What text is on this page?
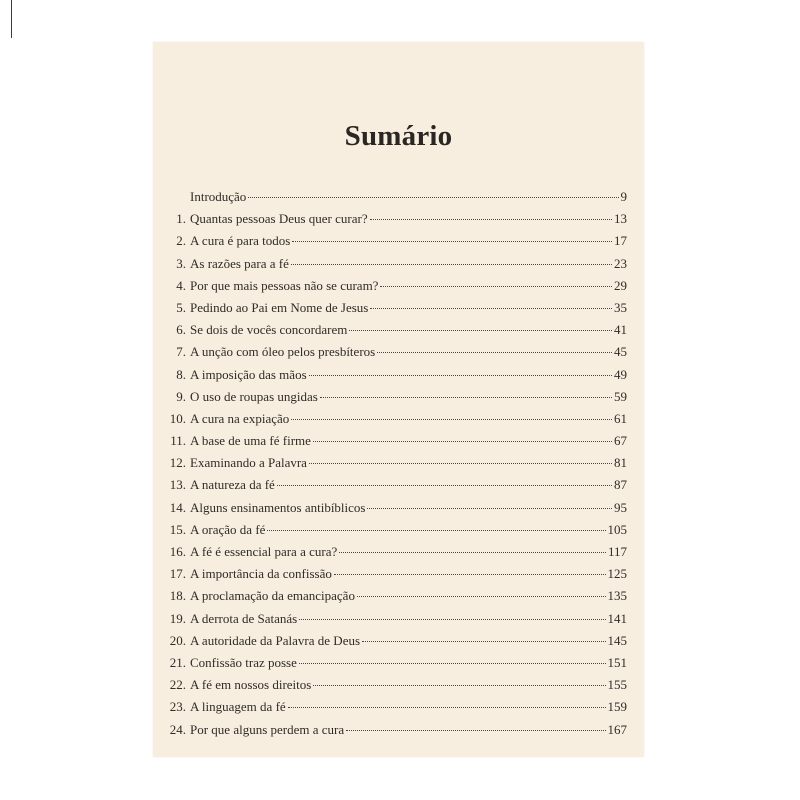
Sumário
Introdução	9
1. Quantas pessoas Deus quer curar?	13
2. A cura é para todos	17
3. As razões para a fé	23
4. Por que mais pessoas não se curam?	29
5. Pedindo ao Pai em Nome de Jesus	35
6. Se dois de vocês concordarem	41
7. A unção com óleo pelos presbíteros	45
8. A imposição das mãos	49
9. O uso de roupas ungidas	59
10. A cura na expiação	61
11. A base de uma fé firme	67
12. Examinando a Palavra	81
13. A natureza da fé	87
14. Alguns ensinamentos antibíblicos	95
15. A oração da fé	105
16. A fé é essencial para a cura?	117
17. A importância da confissão	125
18. A proclamação da emancipação	135
19. A derrota de Satanás	141
20. A autoridade da Palavra de Deus	145
21. Confissão traz posse	151
22. A fé em nossos direitos	155
23. A linguagem da fé	159
24. Por que alguns perdem a cura	167
